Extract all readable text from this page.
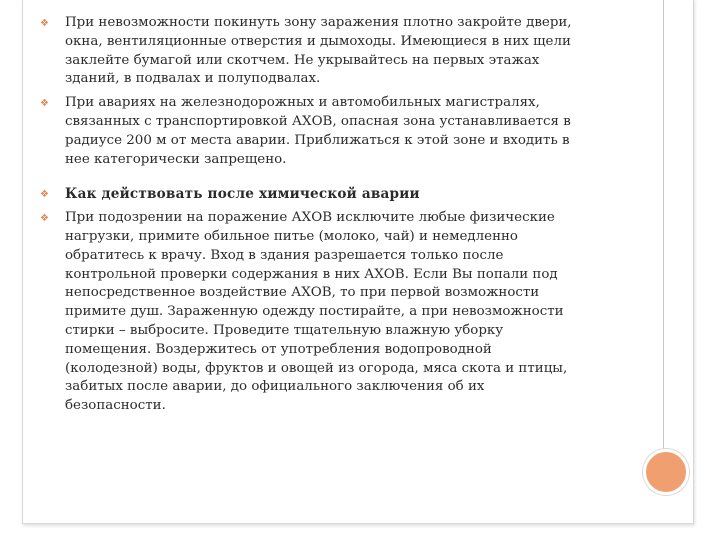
❖ При невозможности покинуть зону заражения плотно закройте двери,
окна, вентиляционные отверстия и дымоходы. Имеющиеся в них щели
заклейте бумагой или скотчем. Не укрывайтесь на первых этажах
зданий, в подвалах и полуподвалах.
❖ При авариях на железнодорожных и автомобильных магистралях,
связанных с транспортировкой АХОВ, опасная зона устанавливается в
радиусе 200 м от места аварии. Приближаться к этой зоне и входить в
нее категорически запрещено.
❖ Как действовать после химической аварии
❖ При подозрении на поражение АХОВ исключите любые физические
нагрузки, примите обильное питье (молоко, чай) и немедленно
обратитесь к врачу. Вход в здания разрешается только после
контрольной проверки содержания в них АХОВ. Если Вы попали под
непосредственное воздействие АХОВ, то при первой возможности
примите душ. Зараженную одежду постирайте, а при невозможности
стирки – выбросите. Проведите тщательную влажную уборку
помещения. Воздержитесь от употребления водопроводной
(колодезной) воды, фруктов и овощей из огорода, мяса скота и птицы,
забитых после аварии, до официального заключения об их
безопасности.
